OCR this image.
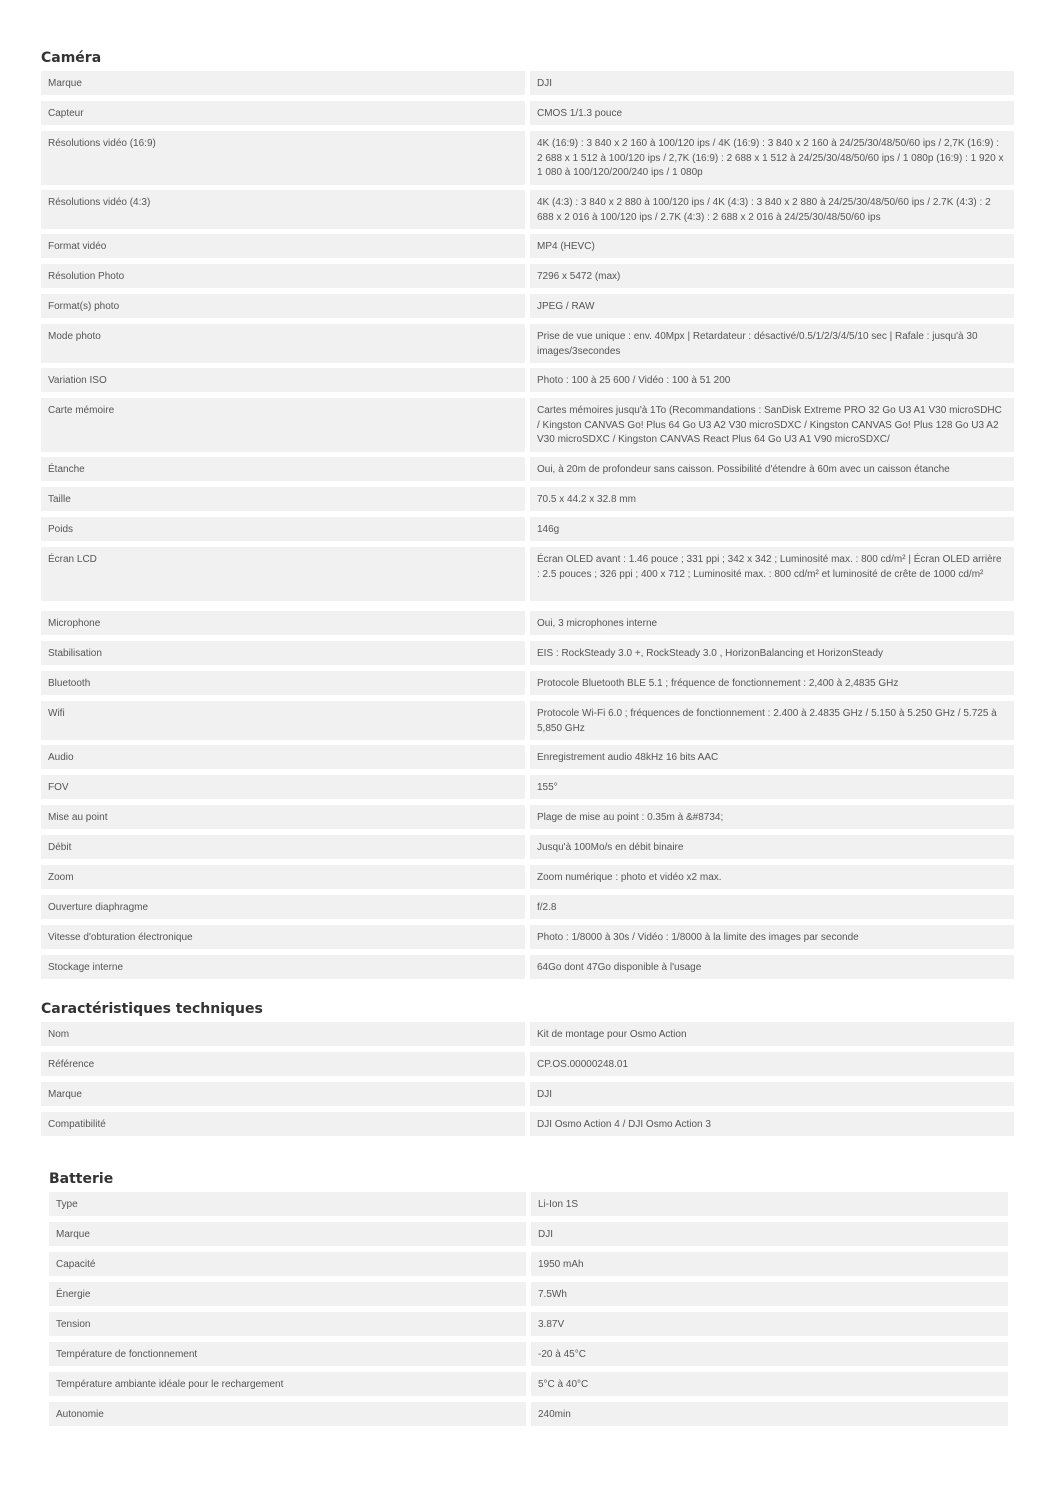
Caméra
Marque	DJI
Capteur	CMOS 1/1.3 pouce
Résolutions vidéo (16:9)	4K (16:9) : 3 840 x 2 160 à 100/120 ips / 4K (16:9) : 3 840 x 2 160 à 24/25/30/48/50/60 ips / 2,7K (16:9) : 2 688 x 1 512 à 100/120 ips / 2,7K (16:9) : 2 688 x 1 512 à 24/25/30/48/50/60 ips / 1 080p (16:9) : 1 920 x 1 080 à 100/120/200/240 ips / 1 080p
Résolutions vidéo (4:3)	4K (4:3) : 3 840 x 2 880 à 100/120 ips / 4K (4:3) : 3 840 x 2 880 à 24/25/30/48/50/60 ips / 2.7K (4:3) : 2 688 x 2 016 à 100/120 ips / 2.7K (4:3) : 2 688 x 2 016 à 24/25/30/48/50/60 ips
Format vidéo	MP4 (HEVC)
Résolution Photo	7296 x 5472 (max)
Format(s) photo	JPEG / RAW
Mode photo	Prise de vue unique : env. 40Mpx | Retardateur : désactivé/0.5/1/2/3/4/5/10 sec | Rafale : jusqu'à 30 images/3secondes
Variation ISO	Photo : 100 à 25 600 / Vidéo : 100 à 51 200
Carte mémoire	Cartes mémoires jusqu'à 1To (Recommandations : SanDisk Extreme PRO 32 Go U3 A1 V30 microSDHC / Kingston CANVAS Go! Plus 64 Go U3 A2 V30 microSDXC / Kingston CANVAS Go! Plus 128 Go U3 A2 V30 microSDXC / Kingston CANVAS React Plus 64 Go U3 A1 V90 microSDXC/
Étanche	Oui, à 20m de profondeur sans caisson. Possibilité d'étendre à 60m avec un caisson étanche
Taille	70.5 x 44.2 x 32.8 mm
Poids	146g
Écran LCD	Écran OLED avant : 1.46 pouce ; 331 ppi ; 342 x 342 ; Luminosité max. : 800 cd/m² | Écran OLED arrière : 2.5 pouces ; 326 ppi ; 400 x 712 ; Luminosité max. : 800 cd/m² et luminosité de crête de 1000 cd/m²
Microphone	Oui, 3 microphones interne
Stabilisation	EIS : RockSteady 3.0 +, RockSteady 3.0 , HorizonBalancing et HorizonSteady
Bluetooth	Protocole Bluetooth BLE 5.1 ; fréquence de fonctionnement : 2,400 à 2,4835 GHz
Wifi	Protocole Wi-Fi 6.0 ; fréquences de fonctionnement : 2.400 à 2.4835 GHz / 5.150 à 5.250 GHz / 5.725 à 5,850 GHz
Audio	Enregistrement audio 48kHz 16 bits AAC
FOV	155°
Mise au point	Plage de mise au point : 0.35m à &#8734;
Débit	Jusqu'à 100Mo/s en débit binaire
Zoom	Zoom numérique : photo et vidéo x2 max.
Ouverture diaphragme	f/2.8
Vitesse d'obturation électronique	Photo : 1/8000 à 30s / Vidéo : 1/8000 à la limite des images par seconde
Stockage interne	64Go dont 47Go disponible à l'usage
Caractéristiques techniques
Nom	Kit de montage pour Osmo Action
Référence	CP.OS.00000248.01
Marque	DJI
Compatibilité	DJI Osmo Action 4 / DJI Osmo Action 3
Batterie
Type	Li-Ion 1S
Marque	DJI
Capacité	1950 mAh
Énergie	7.5Wh
Tension	3.87V
Température de fonctionnement	-20 à 45°C
Température ambiante idéale pour le rechargement	5°C à 40°C
Autonomie	240min
